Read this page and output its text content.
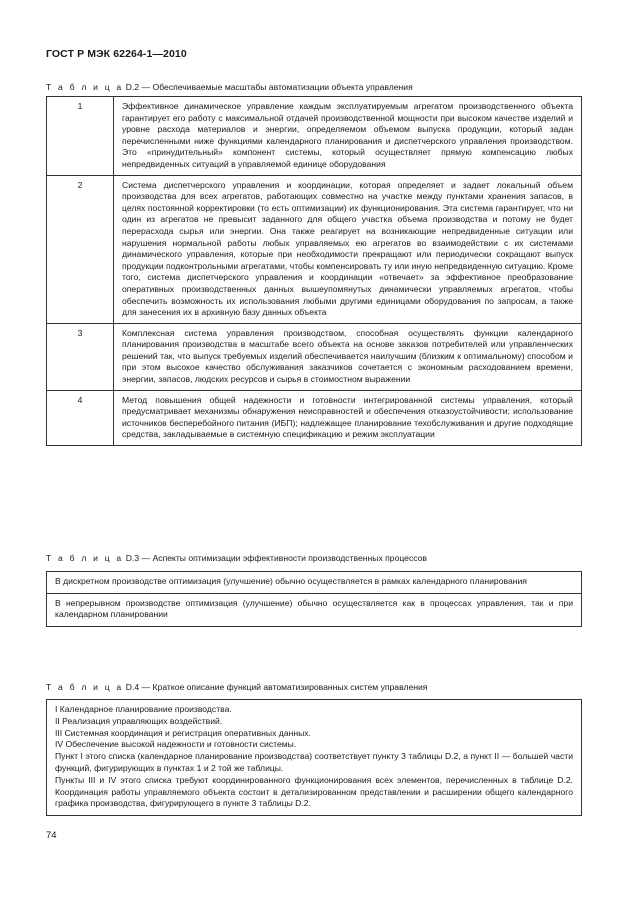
ГОСТ Р МЭК 62264-1—2010
Т а б л и ц а D.2 — Обеспечиваемые масштабы автоматизации объекта управления
1	Эффективное динамическое управление каждым эксплуатируемым агрегатом производственного объекта гарантирует его работу с максимальной отдачей производственной мощности при высоком качестве изделий и уровне расхода материалов и энергии, определяемом объемом выпуска продукции, который задан перечисленными ниже функциями календарного планирования и диспетчерского управления производством. Это «принудительный» компонент системы, который осуществляет прямую компенсацию любых непредвиденных ситуаций в управляемой единице оборудования
2	Система диспетчерского управления и координации, которая определяет и задает локальный объем производства для всех агрегатов, работающих совместно на участке между пунктами хранения запасов, в целях постоянной корректировки (то есть оптимизации) их функционирования. Эта система гарантирует, что ни один из агрегатов не превысит заданного для общего участка объема производства и потому не будет перерасхода сырья или энергии. Она также реагирует на возникающие непредвиденные ситуации или нарушения нормальной работы любых управляемых ею агрегатов во взаимодействии с их системами динамического управления, которые при необходимости прекращают или периодически сокращают выпуск продукции подконтрольными агрегатами, чтобы компенсировать ту или иную непредвиденную ситуацию. Кроме того, система диспетчерского управления и координации «отвечает» за эффективное преобразование оперативных производственных данных вышеупомянутых динамически управляемых агрегатов, чтобы обеспечить возможность их использования любыми другими единицами оборудования по запросам, а также для занесения их в архивную базу данных объекта
3	Комплексная система управления производством, способная осуществлять функции календарного планирования производства в масштабе всего объекта на основе заказов потребителей или управленческих решений так, что выпуск требуемых изделий обеспечивается наилучшим (близким к оптимальному) способом и при этом высокое качество обслуживания заказчиков сочетается с экономным расходованием времени, энергии, запасов, людских ресурсов и сырья в стоимостном выражении
4	Метод повышения общей надежности и готовности интегрированной системы управления, который предусматривает механизмы обнаружения неисправностей и обеспечения отказоустойчивости; использование источников бесперебойного питания (ИБП); надлежащее планирование техобслуживания и другие подходящие средства, закладываемые в системную спецификацию и режим эксплуатации
Т а б л и ц а D.3 — Аспекты оптимизации эффективности производственных процессов
В дискретном производстве оптимизация (улучшение) обычно осуществляется в рамках календарного планирования
В непрерывном производстве оптимизация (улучшение) обычно осуществляется как в процессах управления, так и при календарном планировании
Т а б л и ц а D.4 — Краткое описание функций автоматизированных систем управления
I Календарное планирование производства.
II Реализация управляющих воздействий.
III Системная координация и регистрация оперативных данных.
IV Обеспечение высокой надежности и готовности системы.
Пункт I этого списка (календарное планирование производства) соответствует пункту 3 таблицы D.2, а пункт II — большей части функций, фигурирующих в пунктах 1 и 2 той же таблицы.
Пункты III и IV этого списка требуют координированного функционирования всех элементов, перечисленных в таблице D.2. Координация работы управляемого объекта состоит в детализированном представлении и расширении общего календарного графика производства, фигурирующего в пункте 3 таблицы D.2.
74
